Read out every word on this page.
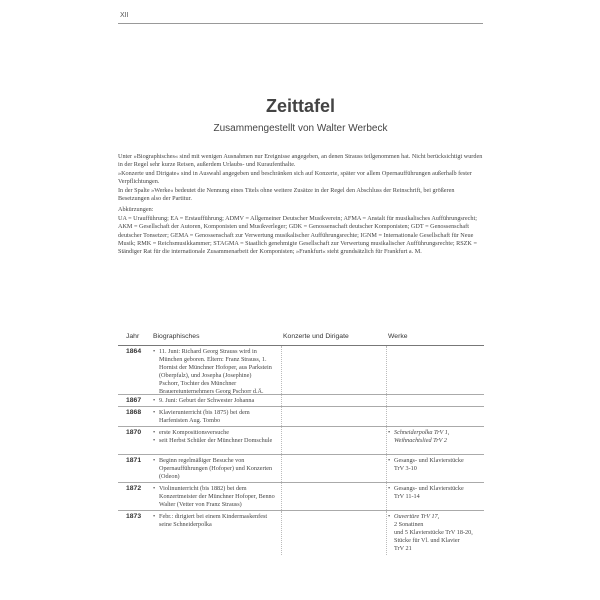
XII
Zeittafel
Zusammengestellt von Walter Werbeck

Unter »Biographisches« sind mit wenigen Ausnahmen nur Ereignisse angegeben, an denen Strauss teilgenommen hat. Nicht berücksichtigt wurden in der Regel sehr kurze Reisen, außerdem Urlaubs- und Kuraufenthalte.

»Konzerte und Dirigate« sind in Auswahl angegeben und beschränken sich auf Konzerte, später vor allem Opernaufführungen außerhalb fester Verpflichtungen.

In der Spalte »Werke« bedeutet die Nennung eines Titels ohne weitere Zusätze in der Regel den Abschluss der Reinschrift, bei größeren Besetzungen also der Partitur.

Abkürzungen:

UA = Uraufführung; EA = Erstaufführung; ADMV = Allgemeiner Deutscher Musikverein; AFMA = Anstalt für musikalisches Aufführungsrecht; AKM = Gesellschaft der Autoren, Komponisten und Musikverleger; GDK = Genossenschaft deutscher Komponisten; GDT = Genossenschaft deutscher Tonsetzer; GEMA = Genossenschaft zur Verwertung musikalischer Aufführungsrechte; IGNM = Internationale Gesellschaft für Neue Musik; RMK = Reichsmusikkammer; STAGMA = Staatlich genehmigte Gesellschaft zur Verwertung musikalischer Aufführungsrechte; RSZK = Ständiger Rat für die internationale Zusammenarbeit der Komponisten; »Frankfurt« steht grundsätzlich für Frankfurt a. M.

Jahr Biographisches	Konzerte und Dirigate	Werke
1864 • 11. Juni: Richard Georg Strauss wird in München geboren. Eltern: Franz Strauss, 1. Hornist der Münchner Hofoper, aus Parkstein (Oberpfalz), und Josepha (Josephine) Pschorr, Tochter des Münchner Brauereiunternehmers Georg Pschorr d.Ä.
1867 • 9. Juni: Geburt der Schwester Johanna
1868 • Klavierunterricht (bis 1875) bei dem Harfenisten Aug. Tombo
1870 • erste Kompositionsversuche
• seit Herbst Schüler der Münchner Domschule
• Schneiderpolka TrV 1,
Weihnachtslied TrV 2
1871 • Beginn regelmäßiger Besuche von Opernaufführungen (Hofoper) und Konzerten (Odeon)
• Gesangs- und Klavierstücke TrV 3-10
1872 • Violinunterricht (bis 1882) bei dem Konzertmeister der Münchner Hofoper, Benno Walter (Vetter von Franz Strauss)
• Gesangs- und Klavierstücke TrV 11-14
1873 • Febr.: dirigiert bei einem Kindermaskenfest seine Schneiderpolka
• Ouvertüre TrV 17,
2 Sonatinen
und 5 Klavierstücke TrV 18-20,
Stücke für Vl. und Klavier
TrV 21
